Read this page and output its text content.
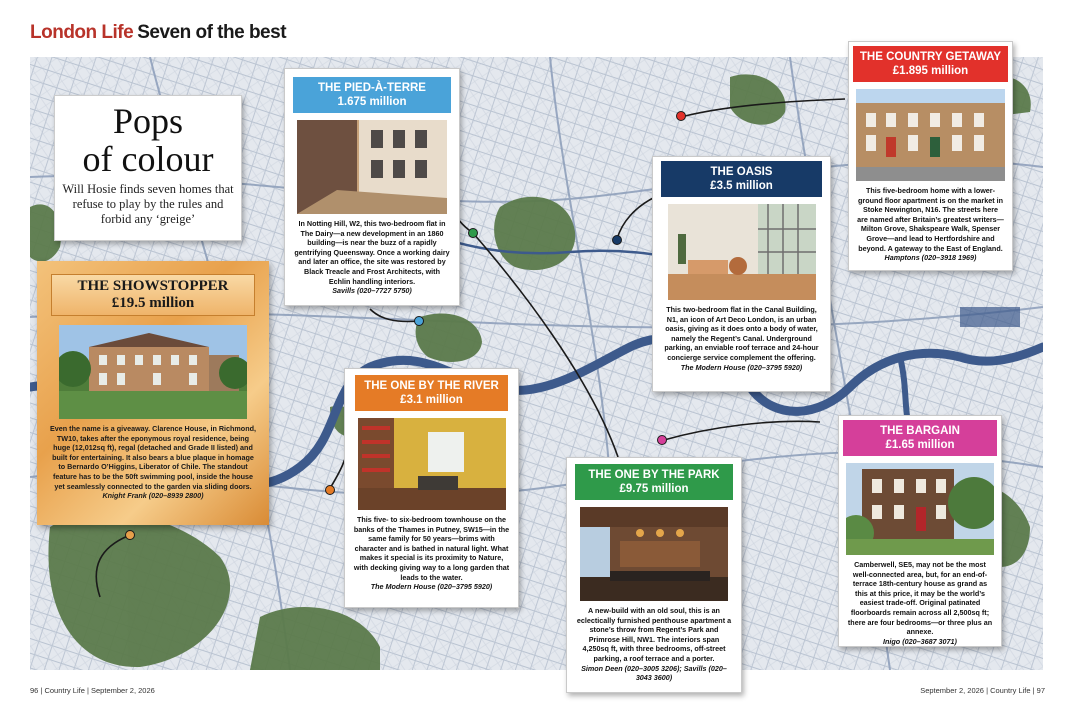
London Life Seven of the best
Pops
of colour
Will Hosie finds seven homes that refuse to play by the rules and forbid any ‘greige’
THE SHOWSTOPPER
£19.5 million
Even the name is a giveaway. Clarence House, in Richmond, TW10, takes after the eponymous royal residence, being huge (12,012sq ft), regal (detached and Grade II listed) and built for entertaining. It also bears a blue plaque in homage to Bernardo O’Higgins, Liberator of Chile. The standout feature has to be the 50ft swimming pool, inside the house yet seamlessly connected to the garden via sliding doors.
Knight Frank (020–8939 2800)
THE PIED-À-TERRE
1.675 million
In Notting Hill, W2, this two-bedroom flat in The Dairy—a new development in an 1860 building—is near the buzz of a rapidly gentrifying Queensway. Once a working dairy and later an office, the site was restored by Black Treacle and Frost Architects, with Echlin handling interiors.
Savills (020–7727 5750)
THE COUNTRY GETAWAY
£1.895 million
This five-bedroom home with a lower-ground floor apartment is on the market in Stoke Newington, N16. The streets here are named after Britain’s greatest writers—Milton Grove, Shakspeare Walk, Spenser Grove—and lead to Hertfordshire and beyond. A gateway to the East of England.
Hamptons (020–3918 1969)
THE OASIS
£3.5 million
This two-bedroom flat in the Canal Building, N1, an icon of Art Deco London, is an urban oasis, giving as it does onto a body of water, namely the Regent’s Canal. Underground parking, an enviable roof terrace and 24-hour concierge service complement the offering.
The Modern House (020–3795 5920)
THE ONE BY THE RIVER
£3.1 million
This five- to six-bedroom townhouse on the banks of the Thames in Putney, SW15—in the same family for 50 years—brims with character and is bathed in natural light. What makes it special is its proximity to Nature, with decking giving way to a long garden that leads to the water.
The Modern House (020–3795 5920)
THE ONE BY THE PARK
£9.75 million
A new-build with an old soul, this is an eclectically furnished penthouse apartment a stone’s throw from Regent’s Park and Primrose Hill, NW1. The interiors span 4,250sq ft, with three bedrooms, off-street parking, a roof terrace and a porter.
Simon Deen (020–3005 3206); Savills (020–3043 3600)
THE BARGAIN
£1.65 million
Camberwell, SE5, may not be the most well-connected area, but, for an end-of-terrace 18th-century house as grand as this at this price, it may be the world’s easiest trade-off. Original patinated floorboards remain across all 2,500sq ft; there are four bedrooms—or three plus an annexe.
Inigo (020–3687 3071)
96 | Country Life | September 2, 2026	September 2, 2026 | Country Life | 97
